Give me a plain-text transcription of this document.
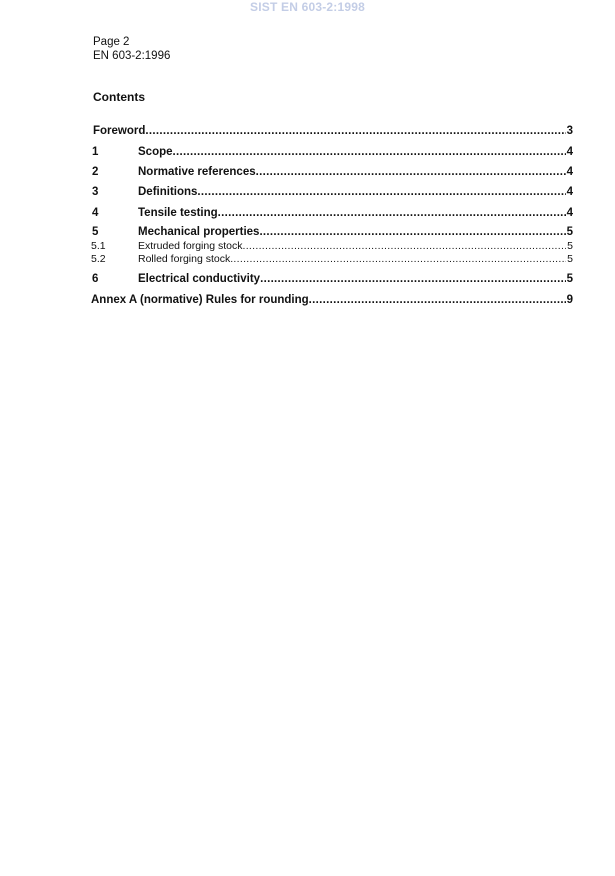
SIST EN 603-2:1998
Page 2
EN 603-2:1996
Contents
Foreword .....	3
1	Scope .....	4
2	Normative references .....	4
3	Definitions .....	4
4	Tensile testing .....	4
5	Mechanical properties .....	5
5.1	Extruded forging stock .....	5
5.2	Rolled forging stock .....	5
6	Electrical conductivity .....	5
Annex A (normative) Rules for rounding .....	9
